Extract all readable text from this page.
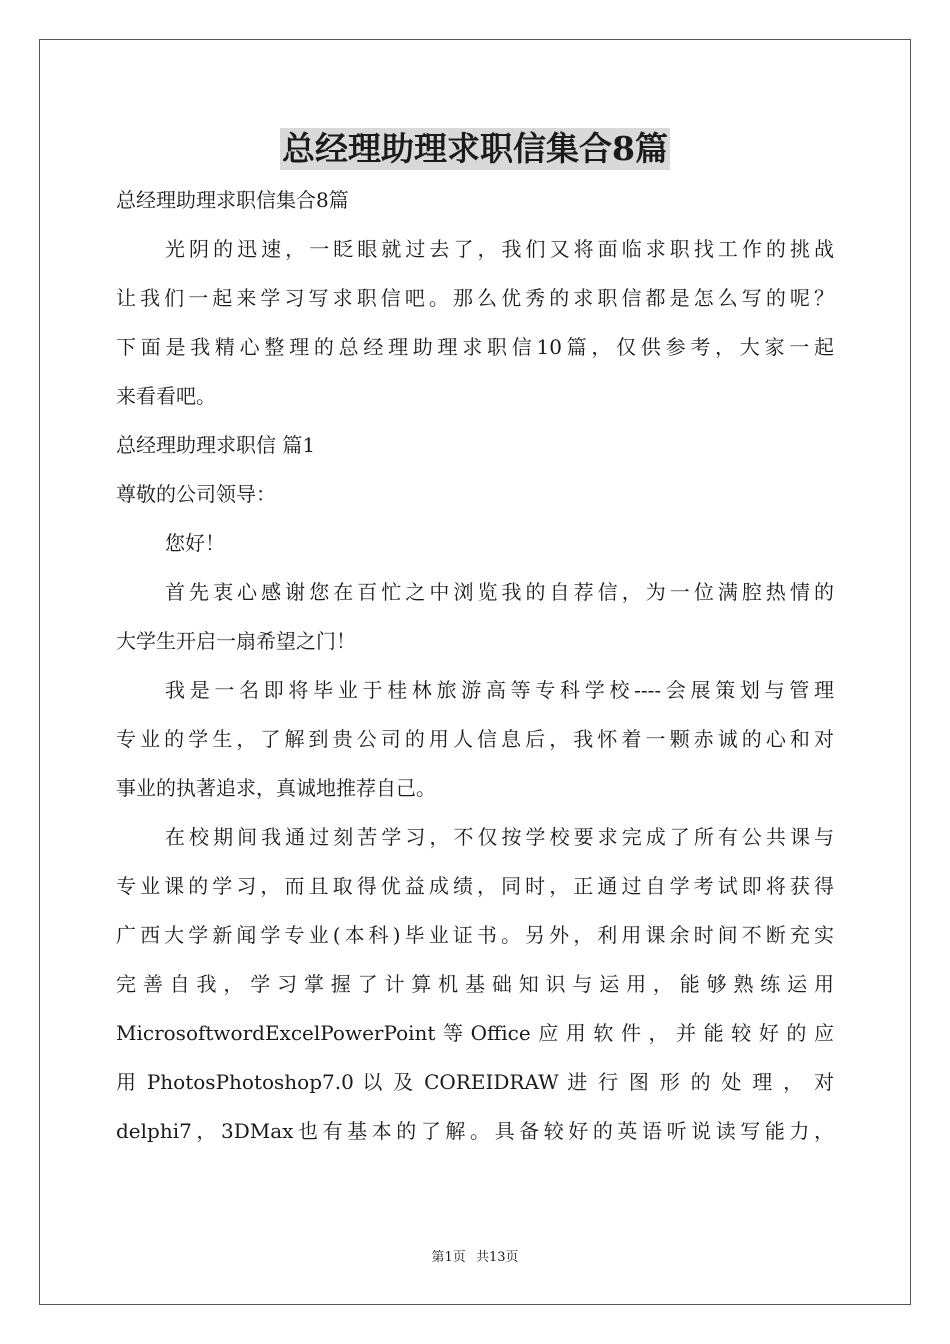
总经理助理求职信集合8篇
总经理助理求职信集合8篇
光阴的迅速，一眨眼就过去了，我们又将面临求职找工作的挑战
让我们一起来学习写求职信吧。那么优秀的求职信都是怎么写的呢？
下面是我精心整理的总经理助理求职信10篇，仅供参考，大家一起
来看看吧。
总经理助理求职信 篇1
尊敬的公司领导：
您好！
首先衷心感谢您在百忙之中浏览我的自荐信，为一位满腔热情的
大学生开启一扇希望之门！
我是一名即将毕业于桂林旅游高等专科学校----会展策划与管理
专业的学生，了解到贵公司的用人信息后，我怀着一颗赤诚的心和对
事业的执著追求，真诚地推荐自己。
在校期间我通过刻苦学习，不仅按学校要求完成了所有公共课与
专业课的学习，而且取得优益成绩，同时，正通过自学考试即将获得
广西大学新闻学专业(本科)毕业证书。另外，利用课余时间不断充实
完善自我，学习掌握了计算机基础知识与运用，能够熟练运用
MicrosoftwordExcelPowerPoint等Office应用软件，并能较好的应
用 PhotosPhotoshop7.0 以 及 COREIDRAW 进 行 图 形 的 处 理 ， 对
delphi7，3DMax也有基本的了解。具备较好的英语听说读写能力，
第1页 共13页
